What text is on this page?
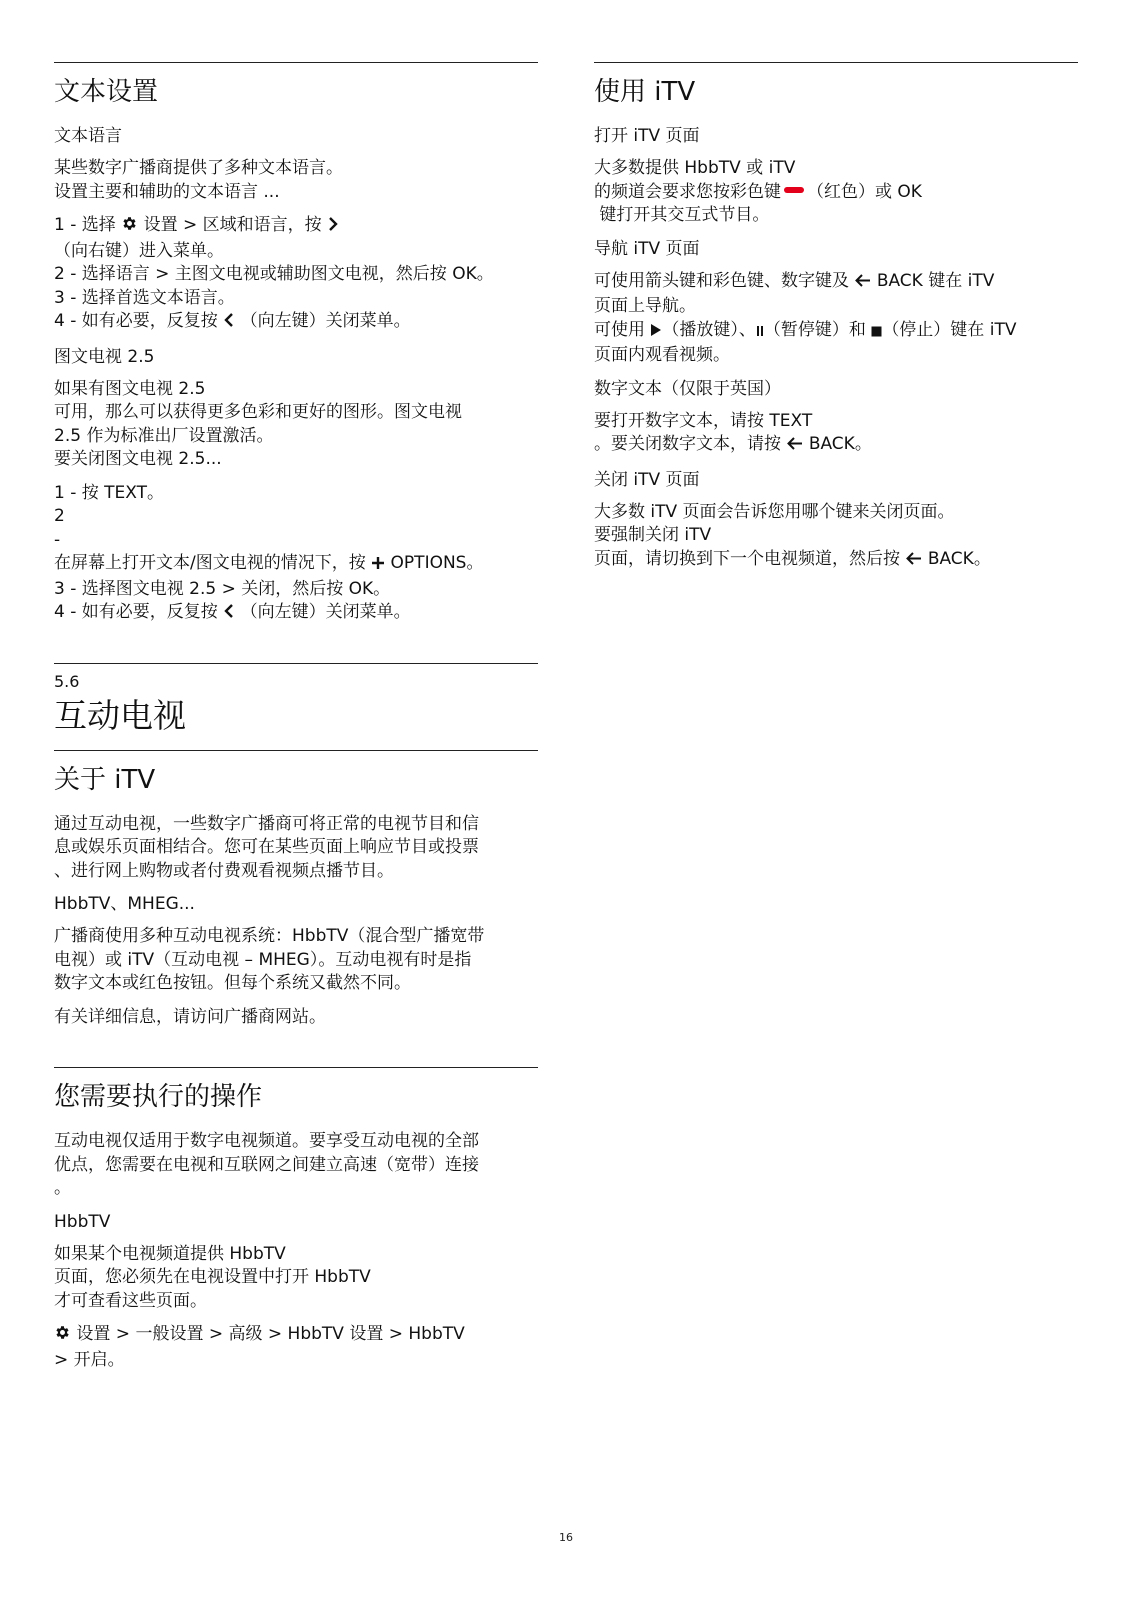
文本设置
文本语言
某些数字广播商提供了多种文本语言。
设置主要和辅助的文本语言 ...
1 - 选择 设置 > 区域和语言，按
（向右键）进入菜单。
2 - 选择语言 > 主图文电视或辅助图文电视，然后按 OK。
3 - 选择首选文本语言。
4 - 如有必要，反复按 （向左键）关闭菜单。
图文电视 2.5
如果有图文电视 2.5
可用，那么可以获得更多色彩和更好的图形。图文电视
2.5 作为标准出厂设置激活。
要关闭图文电视 2.5...
1 - 按 TEXT。
2
-
在屏幕上打开文本/图文电视的情况下，按 OPTIONS。
3 - 选择图文电视 2.5 > 关闭，然后按 OK。
4 - 如有必要，反复按 （向左键）关闭菜单。
5.6
互动电视
关于 iTV
通过互动电视，一些数字广播商可将正常的电视节目和信
息或娱乐页面相结合。您可在某些页面上响应节目或投票
、进行网上购物或者付费观看视频点播节目。
HbbTV、MHEG...
广播商使用多种互动电视系统：HbbTV（混合型广播宽带
电视）或 iTV（互动电视 – MHEG）。互动电视有时是指
数字文本或红色按钮。但每个系统又截然不同。
有关详细信息，请访问广播商网站。
您需要执行的操作
互动电视仅适用于数字电视频道。要享受互动电视的全部
优点，您需要在电视和互联网之间建立高速（宽带）连接
。
HbbTV
如果某个电视频道提供 HbbTV
页面，您必须先在电视设置中打开 HbbTV
才可查看这些页面。
设置 > 一般设置 > 高级 > HbbTV 设置 > HbbTV
> 开启。
使用 iTV
打开 iTV 页面
大多数提供 HbbTV 或 iTV
的频道会要求您按彩色键 （红色）或 OK
键打开其交互式节目。
导航 iTV 页面
可使用箭头键和彩色键、数字键及 BACK 键在 iTV
页面上导航。
可使用 （播放键）、 （暂停键）和 （停止）键在 iTV
页面内观看视频。
数字文本（仅限于英国）
要打开数字文本，请按 TEXT
。要关闭数字文本，请按 BACK。
关闭 iTV 页面
大多数 iTV 页面会告诉您用哪个键来关闭页面。
要强制关闭 iTV
页面，请切换到下一个电视频道，然后按 BACK。
16
